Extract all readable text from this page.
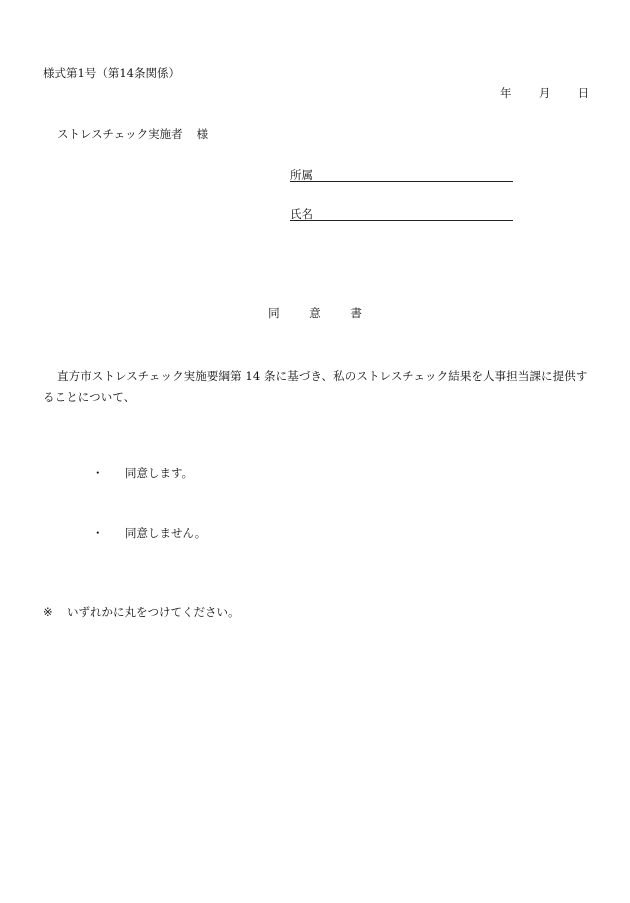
様式第1号（第14条関係）
年 月 日
ストレスチェック実施者 様
所属
氏名
同	意	書
直方市ストレスチェック実施要綱第 14 条に基づき、私のストレスチェック結果を人事担当課に提供することについて、
・ 同意します。
・ 同意しません。
※ いずれかに丸をつけてください。
